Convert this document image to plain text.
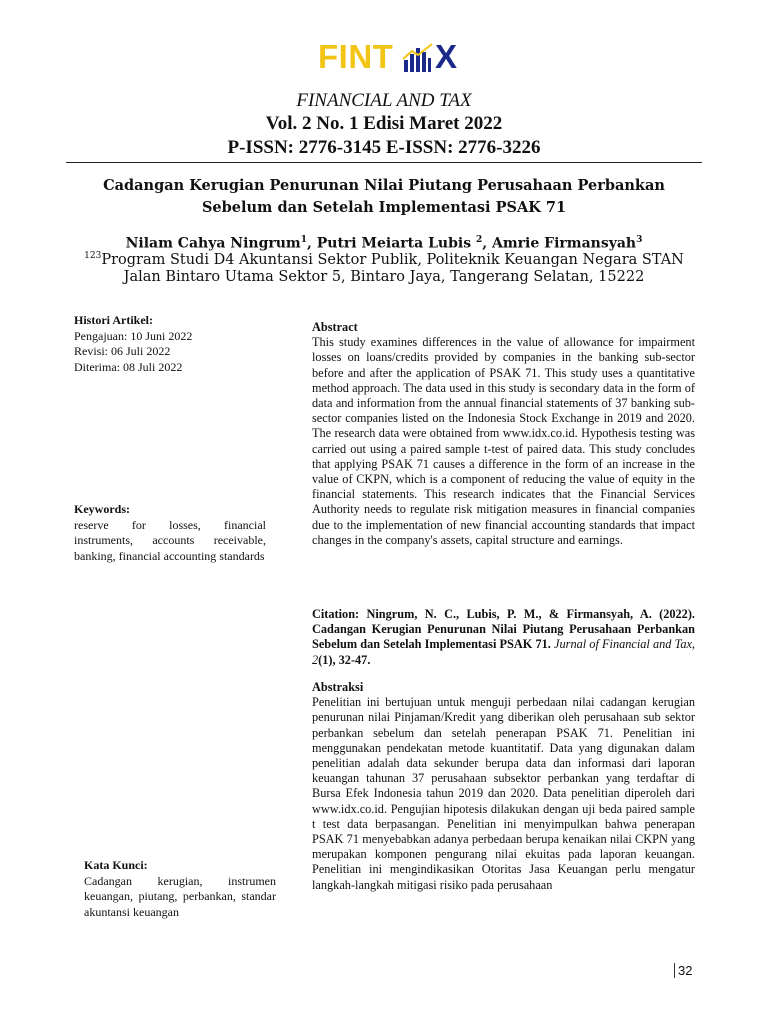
FINT X
FINANCIAL AND TAX
Vol. 2 No. 1 Edisi Maret 2022
P-ISSN: 2776-3145 E-ISSN: 2776-3226
Cadangan Kerugian Penurunan Nilai Piutang Perusahaan Perbankan
Sebelum dan Setelah Implementasi PSAK 71
Nilam Cahya Ningrum$^1$, Putri Meiarta Lubis $^2$, Amrie Firmansyah$^3$
$^{123}$Program Studi D4 Akuntansi Sektor Publik, Politeknik Keuangan Negara STAN
Jalan Bintaro Utama Sektor 5, Bintaro Jaya, Tangerang Selatan, 15222
Histori Artikel:
Pengajuan: 10 Juni 2022
Revisi: 06 Juli 2022
Diterima: 08 Juli 2022
Keywords:
reserve for losses, financial instruments, accounts receivable, banking, financial accounting standards
Kata Kunci:
Cadangan kerugian, instrumen keuangan, piutang, perbankan, standar akuntansi keuangan
Abstract
This study examines differences in the value of allowance for impairment losses on loans/credits provided by companies in the banking sub-sector before and after the application of PSAK 71. This study uses a quantitative method approach. The data used in this study is secondary data in the form of data and information from the annual financial statements of 37 banking sub-sector companies listed on the Indonesia Stock Exchange in 2019 and 2020. The research data were obtained from www.idx.co.id. Hypothesis testing was carried out using a paired sample t-test of paired data. This study concludes that applying PSAK 71 causes a difference in the form of an increase in the value of CKPN, which is a component of reducing the value of equity in the financial statements. This research indicates that the Financial Services Authority needs to regulate risk mitigation measures in financial companies due to the implementation of new financial accounting standards that impact changes in the company's assets, capital structure and earnings.
Citation: Ningrum, N. C., Lubis, P. M., & Firmansyah, A. (2022). Cadangan Kerugian Penurunan Nilai Piutang Perusahaan Perbankan Sebelum dan Setelah Implementasi PSAK 71. Jurnal of Financial and Tax, 2(1), 32-47.
Abstraksi
Penelitian ini bertujuan untuk menguji perbedaan nilai cadangan kerugian penurunan nilai Pinjaman/Kredit yang diberikan oleh perusahaan sub sektor perbankan sebelum dan setelah penerapan PSAK 71. Penelitian ini menggunakan pendekatan metode kuantitatif. Data yang digunakan dalam penelitian adalah data sekunder berupa data dan informasi dari laporan keuangan tahunan 37 perusahaan subsektor perbankan yang terdaftar di Bursa Efek Indonesia tahun 2019 dan 2020. Data penelitian diperoleh dari www.idx.co.id. Pengujian hipotesis dilakukan dengan uji beda paired sample t test data berpasangan. Penelitian ini menyimpulkan bahwa penerapan PSAK 71 menyebabkan adanya perbedaan berupa kenaikan nilai CKPN yang merupakan komponen pengurang nilai ekuitas pada laporan keuangan. Penelitian ini mengindikasikan Otoritas Jasa Keuangan perlu mengatur langkah-langkah mitigasi risiko pada perusahaan
32
